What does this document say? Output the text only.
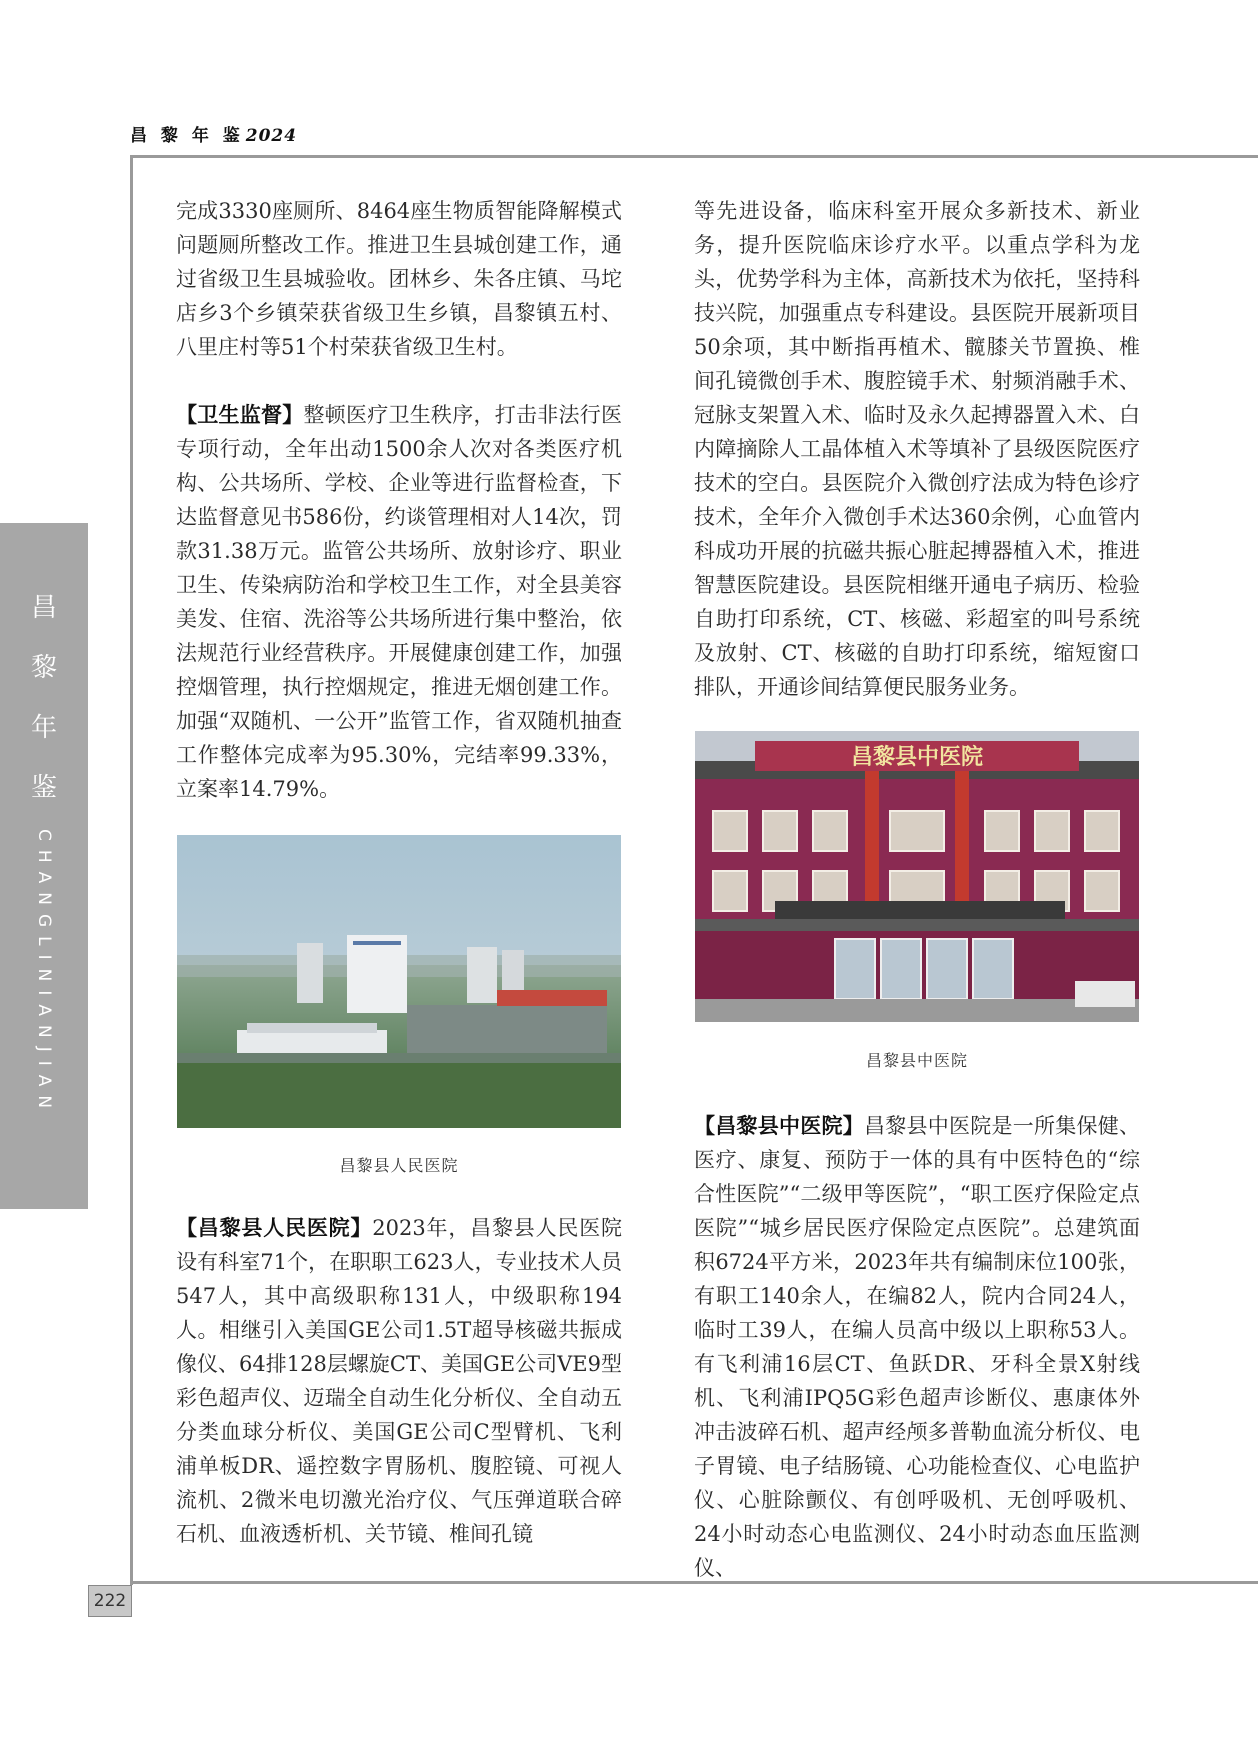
昌 黎 年 鉴 2024
昌
黎
年
鉴
CHANGLINIANJIAN
222

完成3330座厕所、8464座生物质智能降解模式问题厕所整改工作。推进卫生县城创建工作，通过省级卫生县城验收。团林乡、朱各庄镇、马坨店乡3个乡镇荣获省级卫生乡镇，昌黎镇五村、八里庄村等51个村荣获省级卫生村。

【卫生监督】整顿医疗卫生秩序，打击非法行医专项行动，全年出动1500余人次对各类医疗机构、公共场所、学校、企业等进行监督检查，下达监督意见书586份，约谈管理相对人14次，罚款31.38万元。监管公共场所、放射诊疗、职业卫生、传染病防治和学校卫生工作，对全县美容美发、住宿、洗浴等公共场所进行集中整治，依法规范行业经营秩序。开展健康创建工作，加强控烟管理，执行控烟规定，推进无烟创建工作。加强“双随机、一公开”监管工作，省双随机抽查工作整体完成率为95.30%，完结率99.33%，立案率14.79%。

昌黎县人民医院

【昌黎县人民医院】2023年，昌黎县人民医院设有科室71个，在职职工623人，专业技术人员547人，其中高级职称131人，中级职称194人。相继引入美国GE公司1.5T超导核磁共振成像仪、64排128层螺旋CT、美国GE公司VE9型彩色超声仪、迈瑞全自动生化分析仪、全自动五分类血球分析仪、美国GE公司C型臂机、飞利浦单板DR、遥控数字胃肠机、腹腔镜、可视人流机、2微米电切激光治疗仪、气压弹道联合碎石机、血液透析机、关节镜、椎间孔镜

等先进设备，临床科室开展众多新技术、新业务，提升医院临床诊疗水平。以重点学科为龙头，优势学科为主体，高新技术为依托，坚持科技兴院，加强重点专科建设。县医院开展新项目50余项，其中断指再植术、髋膝关节置换、椎间孔镜微创手术、腹腔镜手术、射频消融手术、冠脉支架置入术、临时及永久起搏器置入术、白内障摘除人工晶体植入术等填补了县级医院医疗技术的空白。县医院介入微创疗法成为特色诊疗技术，全年介入微创手术达360余例，心血管内科成功开展的抗磁共振心脏起搏器植入术，推进智慧医院建设。县医院相继开通电子病历、检验自助打印系统，CT、核磁、彩超室的叫号系统及放射、CT、核磁的自助打印系统，缩短窗口排队，开通诊间结算便民服务业务。

昌黎县中医院
昌黎县中医院

【昌黎县中医院】昌黎县中医院是一所集保健、医疗、康复、预防于一体的具有中医特色的“综合性医院”“二级甲等医院”，“职工医疗保险定点医院”“城乡居民医疗保险定点医院”。总建筑面积6724平方米，2023年共有编制床位100张，有职工140余人，在编82人，院内合同24人，临时工39人，在编人员高中级以上职称53人。有飞利浦16层CT、鱼跃DR、牙科全景X射线机、飞利浦IPQ5G彩色超声诊断仪、惠康体外冲击波碎石机、超声经颅多普勒血流分析仪、电子胃镜、电子结肠镜、心功能检查仪、心电监护仪、心脏除颤仪、有创呼吸机、无创呼吸机、24小时动态心电监测仪、24小时动态血压监测仪、
